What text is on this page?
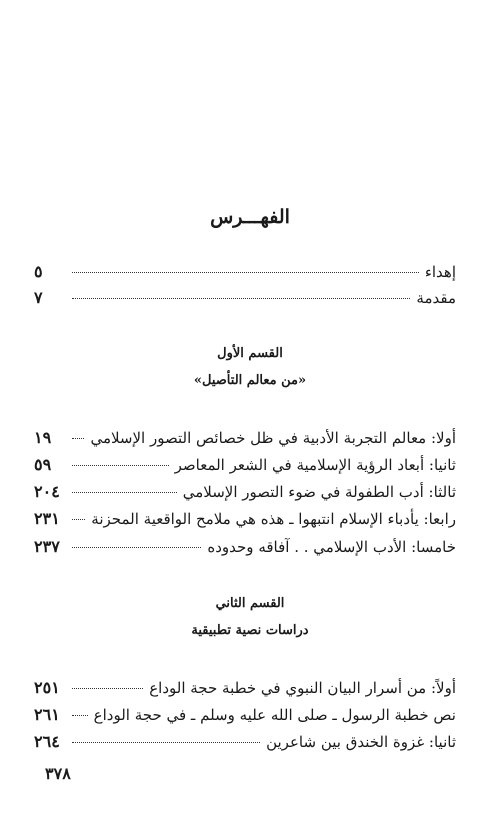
الفهـــرس
٥	إهداء
٧	مقدمة
القسم الأول
«من معالم التأصيل»
١٩	أولا: معالم التجربة الأدبية في ظل خصائص التصور الإسلامي
٥٩	ثانيا: أبعاد الرؤية الإسلامية في الشعر المعاصر
٢٠٤	ثالثا: أدب الطفولة في ضوء التصور الإسلامي
٢٣١	رابعا: يأدباء الإسلام انتبهوا ـ هذه هي ملامح الواقعية المحزنة
٢٣٧	خامسا: الأدب الإسلامي . . آفاقه وحدوده
القسم الثاني
دراسات نصية تطبيقية
٢٥١	أولاً: من أسرار البيان النبوي في خطبة حجة الوداع
٢٦١	نص خطبة الرسول ـ صلى الله عليه وسلم ـ في حجة الوداع
٢٦٤	ثانيا: غزوة الخندق بين شاعرين
٣٧٨
